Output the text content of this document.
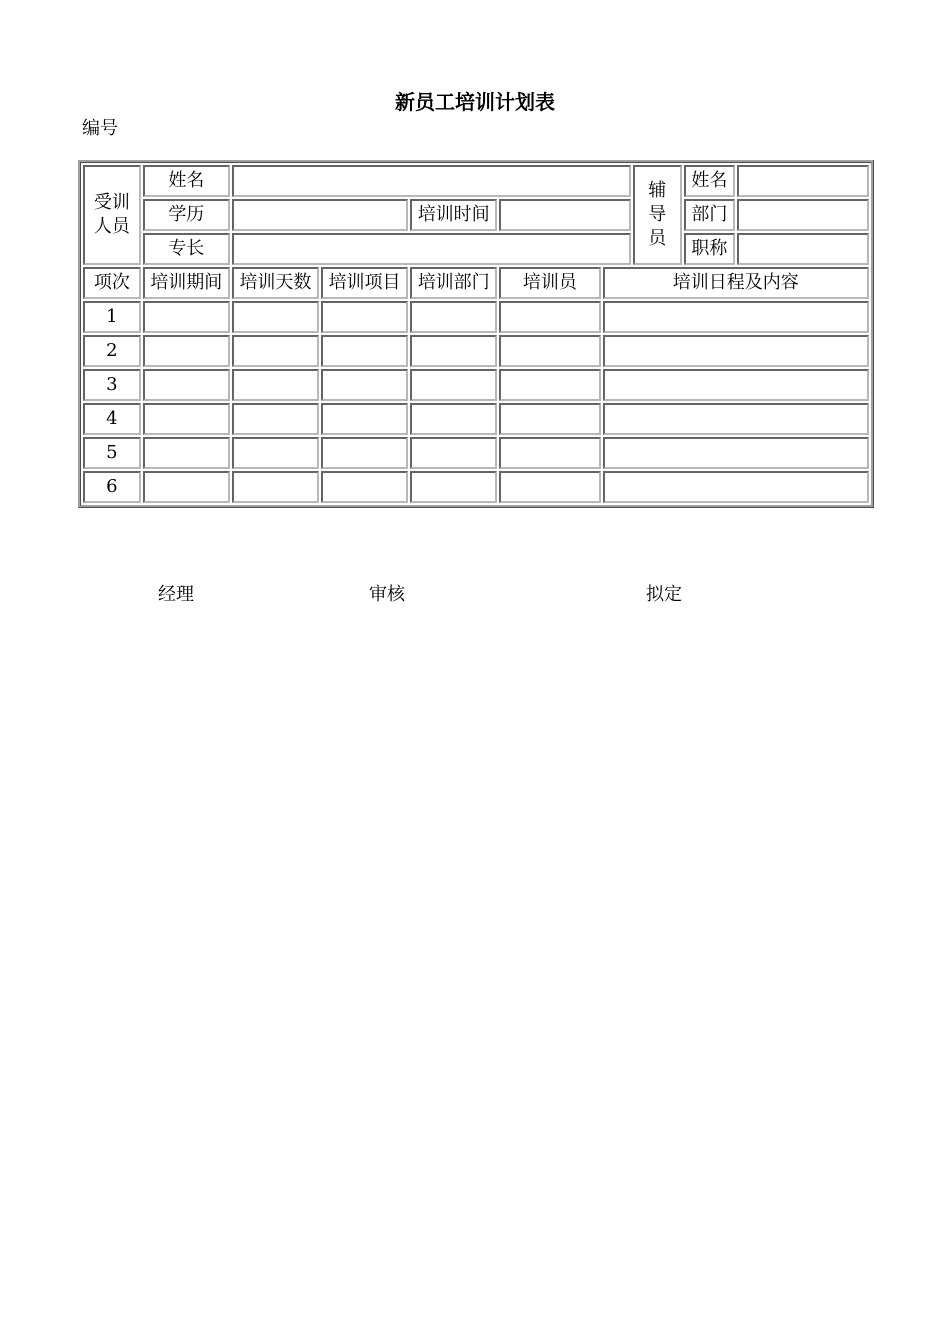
新员工培训计划表
编号
受训人员	姓名						辅导员	姓名	
	学历			培训时间				部门	
	专长							职称	
项次	培训期间	培训天数	培训项目	培训部门	培训员	培训日程及内容			
1									
2									
3									
4									
5									
6									
经理	审核	拟定
